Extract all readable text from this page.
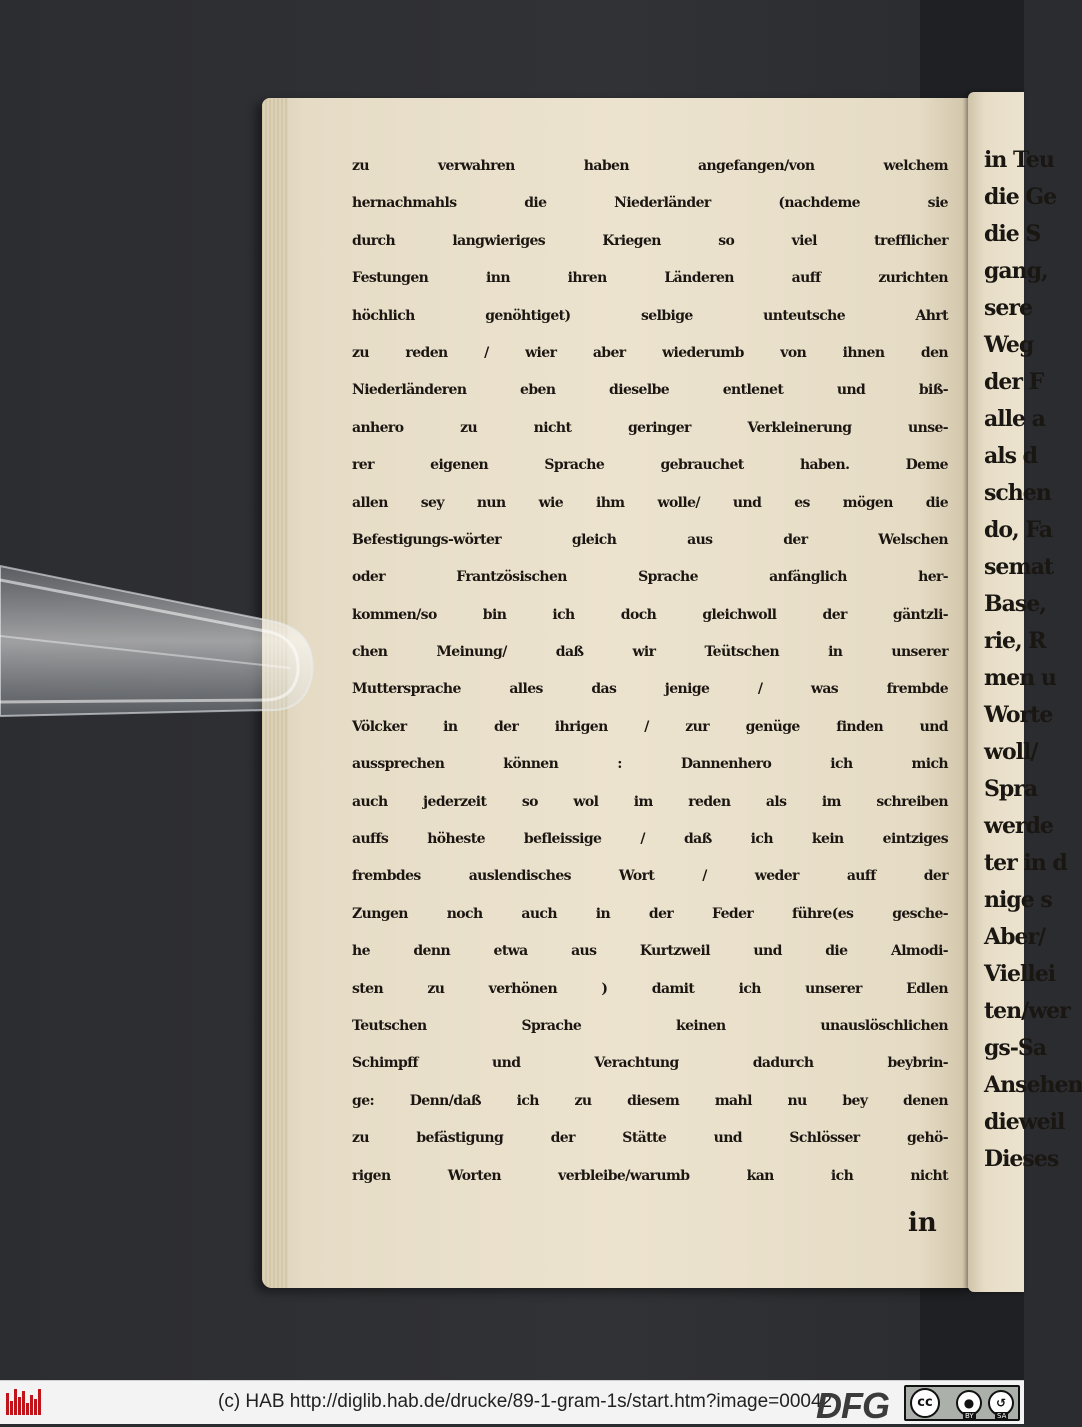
in Teu
die Ge
die S
gang,
sere
Weg
der F
alle a
als d
schen
do, Fa
semat
Base,
rie, R
men u
Worte
woll/
Spra
werde
ter in d
nige s
Aber/
Viellei
ten/wer
gs-Sa
Ansehen
dieweil
Dieses
zu verwahren haben angefangen/von welchem
hernachmahls die Niederländer (nachdeme sie
durch langwieriges Kriegen so viel trefflicher
Festungen inn ihren Länderen auff zurichten
höchlich genöhtiget) selbige unteutsche Ahrt
zu reden / wier aber wiederumb von ihnen den
Niederländeren eben dieselbe entlenet und biß-
anhero zu nicht geringer Verkleinerung unse-
rer eigenen Sprache gebrauchet haben. Deme
allen sey nun wie ihm wolle/ und es mögen die
Befestigungs-wörter gleich aus der Welschen
oder Frantzösischen Sprache anfänglich her-
kommen/so bin ich doch gleichwoll der gäntzli-
chen Meinung/ daß wir Teütschen in unserer
Muttersprache alles das jenige / was frembde
Völcker in der ihrigen / zur genüge finden und
aussprechen können : Dannenhero ich mich
auch jederzeit so wol im reden als im schreiben
auffs höheste befleissige / daß ich kein eintziges
frembdes auslendisches Wort / weder auff der
Zungen noch auch in der Feder führe(es gesche-
he denn etwa aus Kurtzweil und die Almodi-
sten zu verhönen ) damit ich unserer Edlen
Teutschen Sprache keinen unauslöschlichen
Schimpff und Verachtung dadurch beybrin-
ge: Denn/daß ich zu diesem mahl nu bey denen
zu befästigung der Stätte und Schlösser gehö-
rigen Worten verbleibe/warumb kan ich nicht
in
(c) HAB http://diglib.hab.de/drucke/89-1-gram-1s/start.htm?image=00042
DFG	cc	●	↺
BY	SA
